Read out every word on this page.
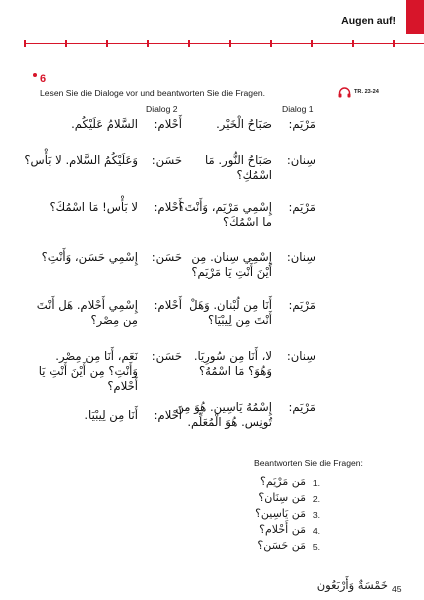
Augen auf!
6
Lesen Sie die Dialoge vor und beantworten Sie die Fragen.	TR. 23-24
Dialog 2	Dialog 1
مَرْيَم:
صَبَاحُ الْخَيْر.
سِنان:
صَبَاحُ النُّور. مَا
اسْمُكِ؟
مَرْيَم:
إِسْمِي مَرْيَم، وَأَنْتَ؟
ما اسْمُكَ؟
سِنان:
إِسْمِي سِنان. مِن
أَيْنَ أَنْتِ يَا مَرْيَم؟
مَرْيَم:
أَنَا مِن لُبْنان. وَهَلْ
أَنْتَ مِن لِيبْيَا؟
سِنان:
لا، أَنَا مِن سُورِيَا.
وَهُوَ؟ مَا اسْمُهُ؟
مَرْيَم:
إِسْمُهُ يَاسِين. هُوَ مِن
تُونِس. هُوَ الْمُعَلِّم.
أَحْلام:
السَّلامُ عَلَيْكُم.
حَسَن:
وَعَلَيْكُمُ السَّلام. لا بَأْس؟
أَحْلام:
لا بَأْس! مَا اسْمُكَ؟
حَسَن:
إِسْمِي حَسَن، وَأَنْتِ؟
أَحْلام:
إِسْمِي أَحْلام. هَل أَنْتَ
مِن مِصْر؟
حَسَن:
نَعَم، أَنَا مِن مِصْر.
وَأَنْتِ؟ مِن أَيْنَ أَنْتِ يَا
أَحْلام؟
أَحْلام:
أَنَا مِن لِيبْيَا.
Beantworten Sie die Fragen:
مَن مَرْيَم؟ 1.
مَن سِنَان؟ 2.
مَن يَاسِين؟ 3.
مَن أَحْلام؟ 4.
مَن حَسَن؟ 5.
خَمْسَةٌ وَأَرْبَعُون 45
